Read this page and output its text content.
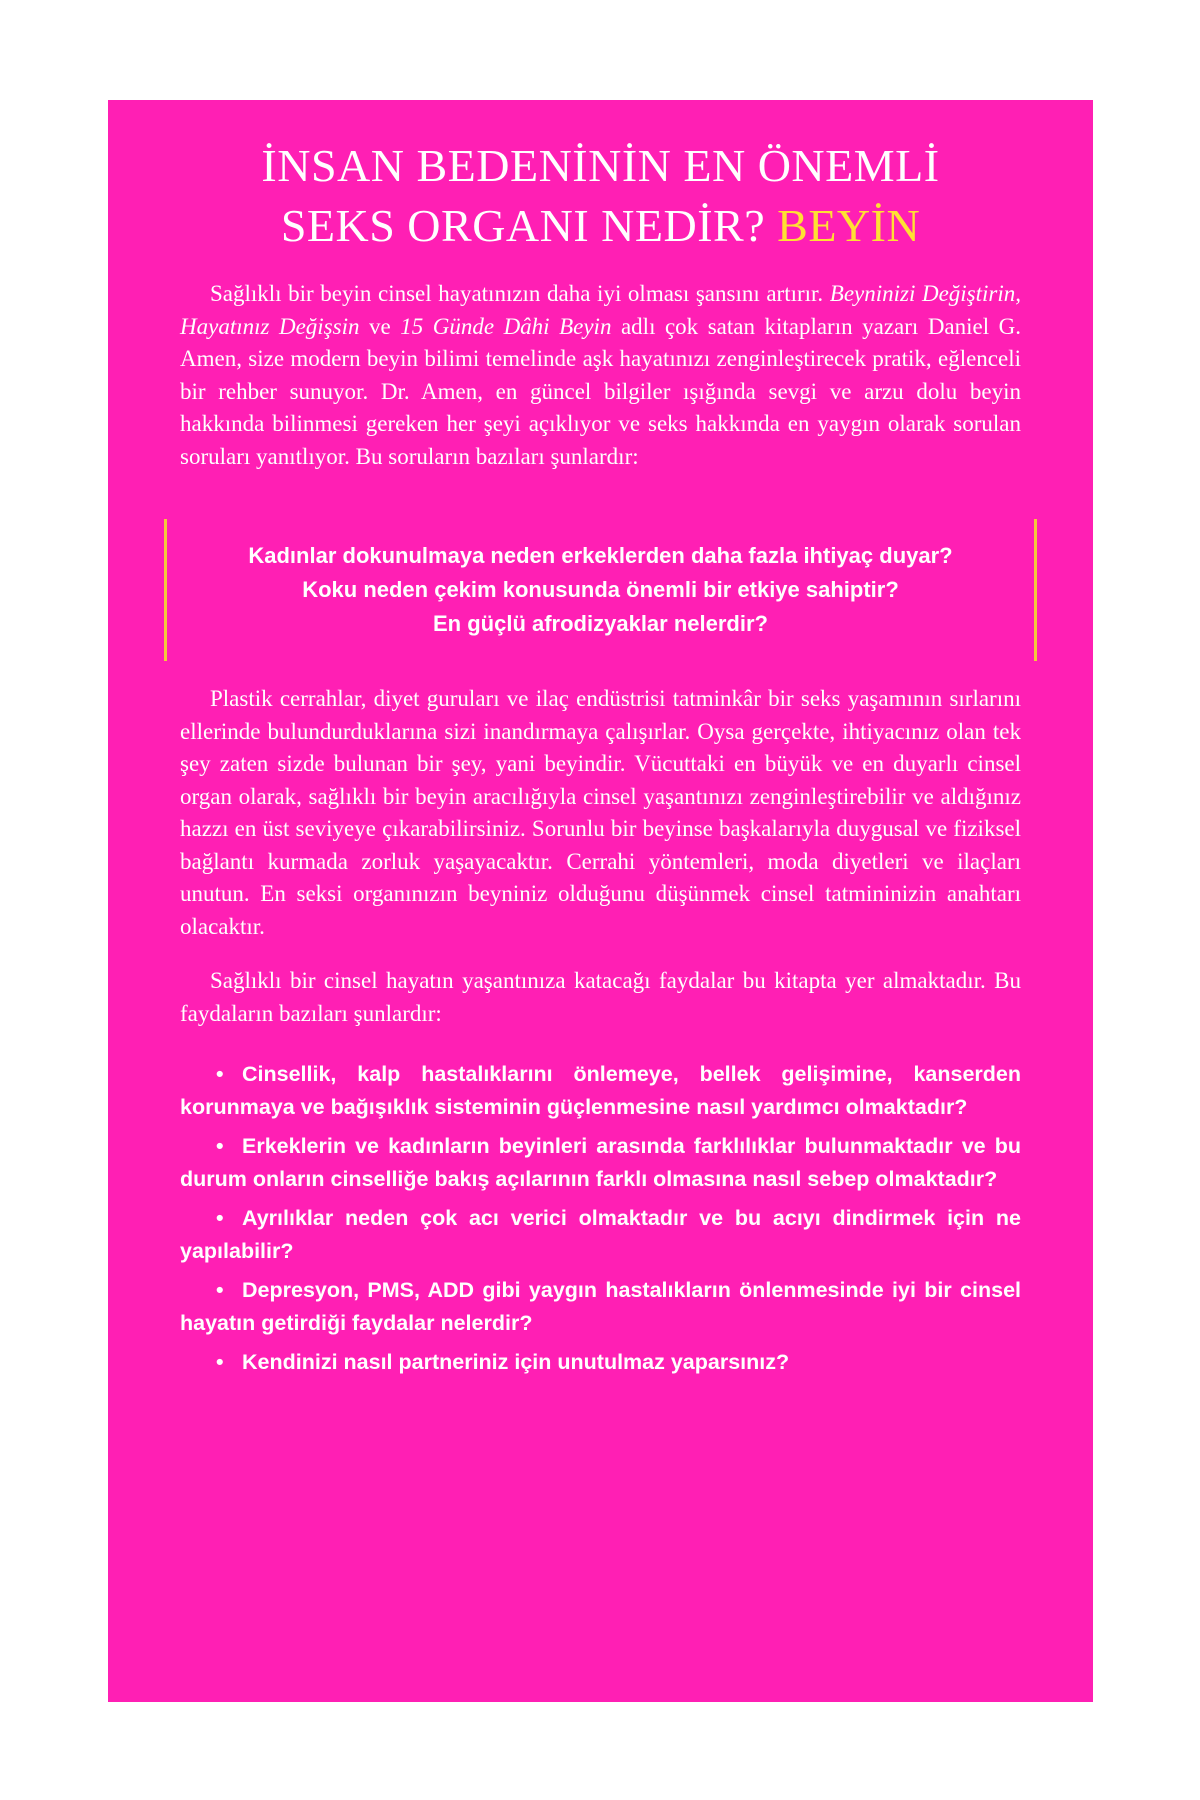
İNSAN BEDENİNİN EN ÖNEMLİ
SEKS ORGANI NEDİR? BEYİN

Sağlıklı bir beyin cinsel hayatınızın daha iyi olması şansını artırır. Beyninizi Değiştirin, Hayatınız Değişsin ve 15 Günde Dâhi Beyin adlı çok satan kitapların yazarı Daniel G. Amen, size modern beyin bilimi temelinde aşk hayatınızı zenginleştirecek pratik, eğlenceli bir rehber sunuyor. Dr. Amen, en güncel bilgiler ışığında sevgi ve arzu dolu beyin hakkında bilinmesi gereken her şeyi açıklıyor ve seks hakkında en yaygın olarak sorulan soruları yanıtlıyor. Bu soruların bazıları şunlardır:

Kadınlar dokunulmaya neden erkeklerden daha fazla ihtiyaç duyar?
Koku neden çekim konusunda önemli bir etkiye sahiptir?
En güçlü afrodizyaklar nelerdir?

Plastik cerrahlar, diyet guruları ve ilaç endüstrisi tatminkâr bir seks yaşamının sırlarını ellerinde bulundurduklarına sizi inandırmaya çalışırlar. Oysa gerçekte, ihtiyacınız olan tek şey zaten sizde bulunan bir şey, yani beyindir. Vücuttaki en büyük ve en duyarlı cinsel organ olarak, sağlıklı bir beyin aracılığıyla cinsel yaşantınızı zenginleştirebilir ve aldığınız hazzı en üst seviyeye çıkarabilirsiniz. Sorunlu bir beyinse başkalarıyla duygusal ve fiziksel bağlantı kurmada zorluk yaşayacaktır. Cerrahi yöntemleri, moda diyetleri ve ilaçları unutun. En seksi organınızın beyniniz olduğunu düşünmek cinsel tatmininizin anahtarı olacaktır.

Sağlıklı bir cinsel hayatın yaşantınıza katacağı faydalar bu kitapta yer almaktadır. Bu faydaların bazıları şunlardır:

• Cinsellik, kalp hastalıklarını önlemeye, bellek gelişimine, kanserden korunmaya ve bağışıklık sisteminin güçlenmesine nasıl yardımcı olmaktadır?
• Erkeklerin ve kadınların beyinleri arasında farklılıklar bulunmaktadır ve bu durum onların cinselliğe bakış açılarının farklı olmasına nasıl sebep olmaktadır?
• Ayrılıklar neden çok acı verici olmaktadır ve bu acıyı dindirmek için ne yapılabilir?
• Depresyon, PMS, ADD gibi yaygın hastalıkların önlenmesinde iyi bir cinsel hayatın getirdiği faydalar nelerdir?
• Kendinizi nasıl partneriniz için unutulmaz yaparsınız?
